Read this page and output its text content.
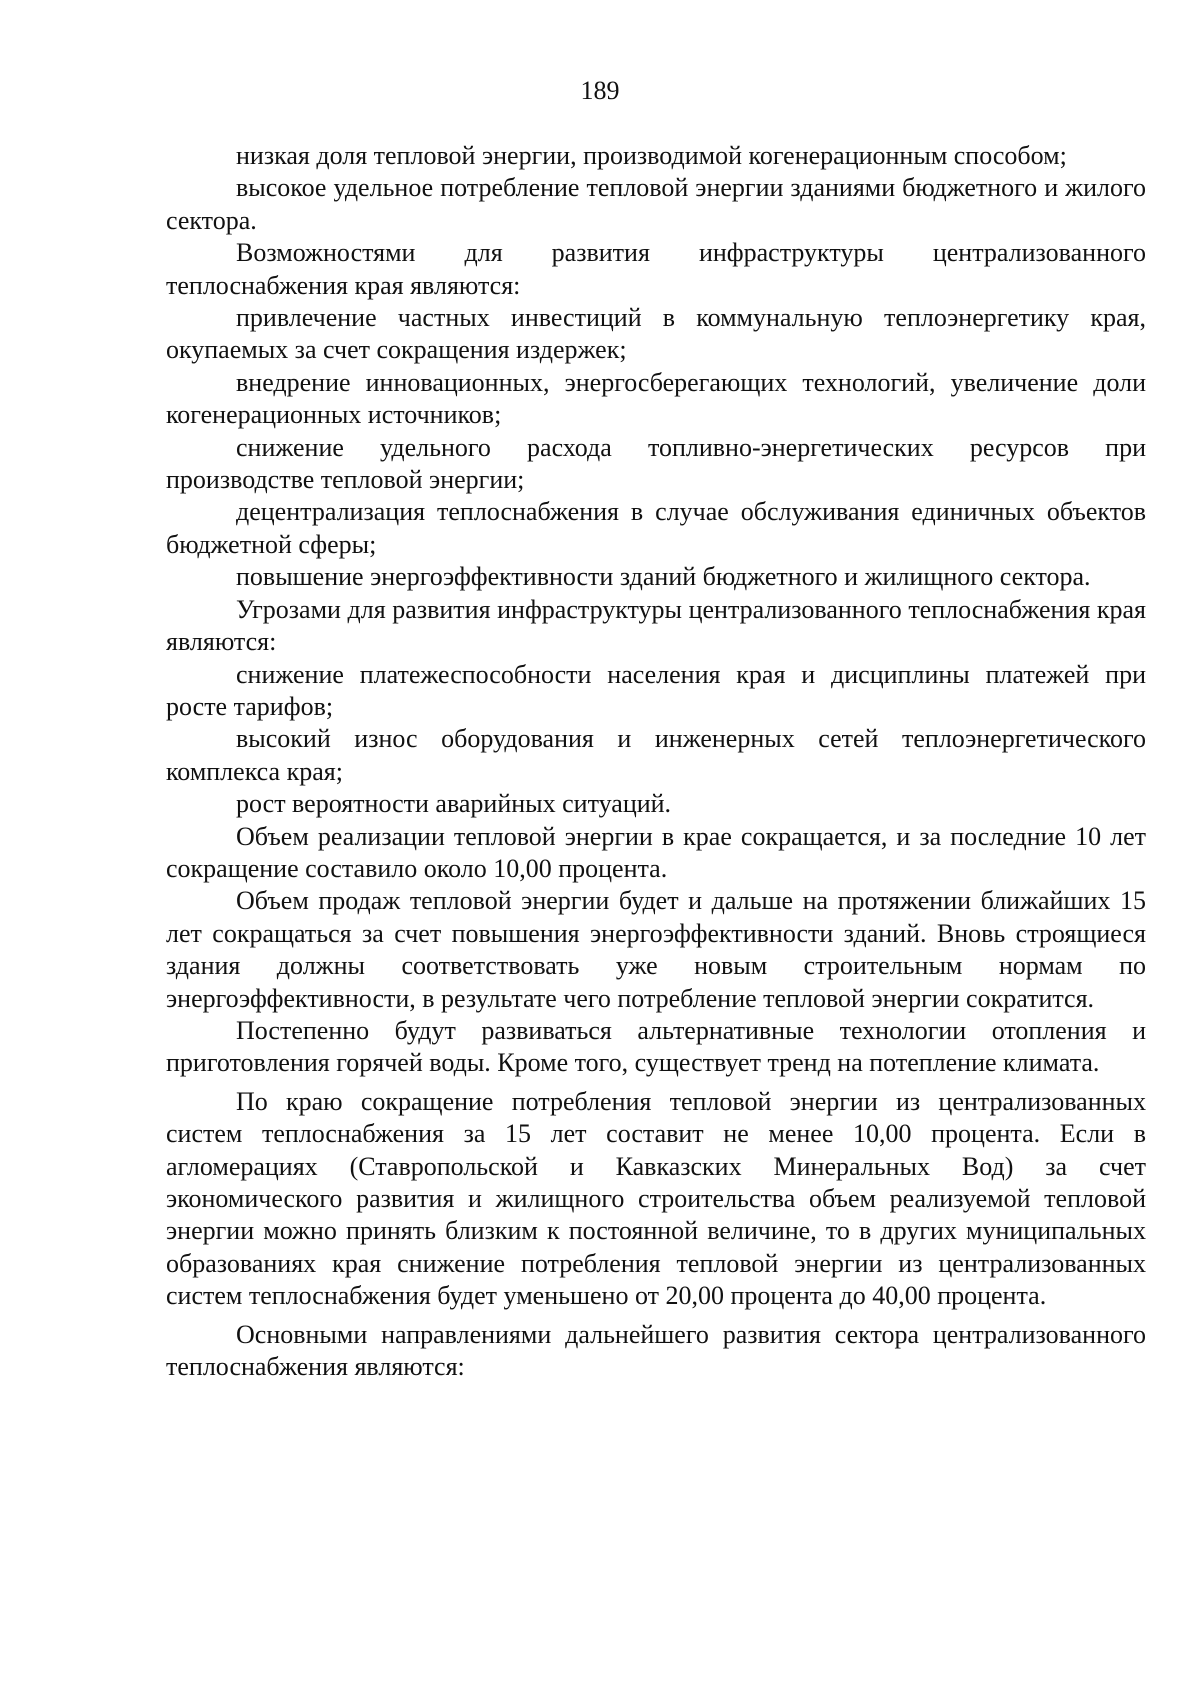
189

низкая доля тепловой энергии, производимой когенерационным способом;

высокое удельное потребление тепловой энергии зданиями бюджетного и жилого сектора.

Возможностями для развития инфраструктуры централизованного теплоснабжения края являются:

привлечение частных инвестиций в коммунальную теплоэнергетику края, окупаемых за счет сокращения издержек;

внедрение инновационных, энергосберегающих технологий, увеличение доли когенерационных источников;

снижение удельного расхода топливно-энергетических ресурсов при производстве тепловой энергии;

децентрализация теплоснабжения в случае обслуживания единичных объектов бюджетной сферы;

повышение энергоэффективности зданий бюджетного и жилищного сектора.

Угрозами для развития инфраструктуры централизованного теплоснабжения края являются:

снижение платежеспособности населения края и дисциплины платежей при росте тарифов;

высокий износ оборудования и инженерных сетей теплоэнергетического комплекса края;

рост вероятности аварийных ситуаций.

Объем реализации тепловой энергии в крае сокращается, и за последние 10 лет сокращение составило около 10,00 процента.

Объем продаж тепловой энергии будет и дальше на протяжении ближайших 15 лет сокращаться за счет повышения энергоэффективности зданий. Вновь строящиеся здания должны соответствовать уже новым строительным нормам по энергоэффективности, в результате чего потребление тепловой энергии сократится.

Постепенно будут развиваться альтернативные технологии отопления и приготовления горячей воды. Кроме того, существует тренд на потепление климата.

По краю сокращение потребления тепловой энергии из централизованных систем теплоснабжения за 15 лет составит не менее 10,00 процента. Если в агломерациях (Ставропольской и Кавказских Минеральных Вод) за счет экономического развития и жилищного строительства объем реализуемой тепловой энергии можно принять близким к постоянной величине, то в других муниципальных образованиях края снижение потребления тепловой энергии из централизованных систем теплоснабжения будет уменьшено от 20,00 процента до 40,00 процента.

Основными направлениями дальнейшего развития сектора централизованного теплоснабжения являются:
